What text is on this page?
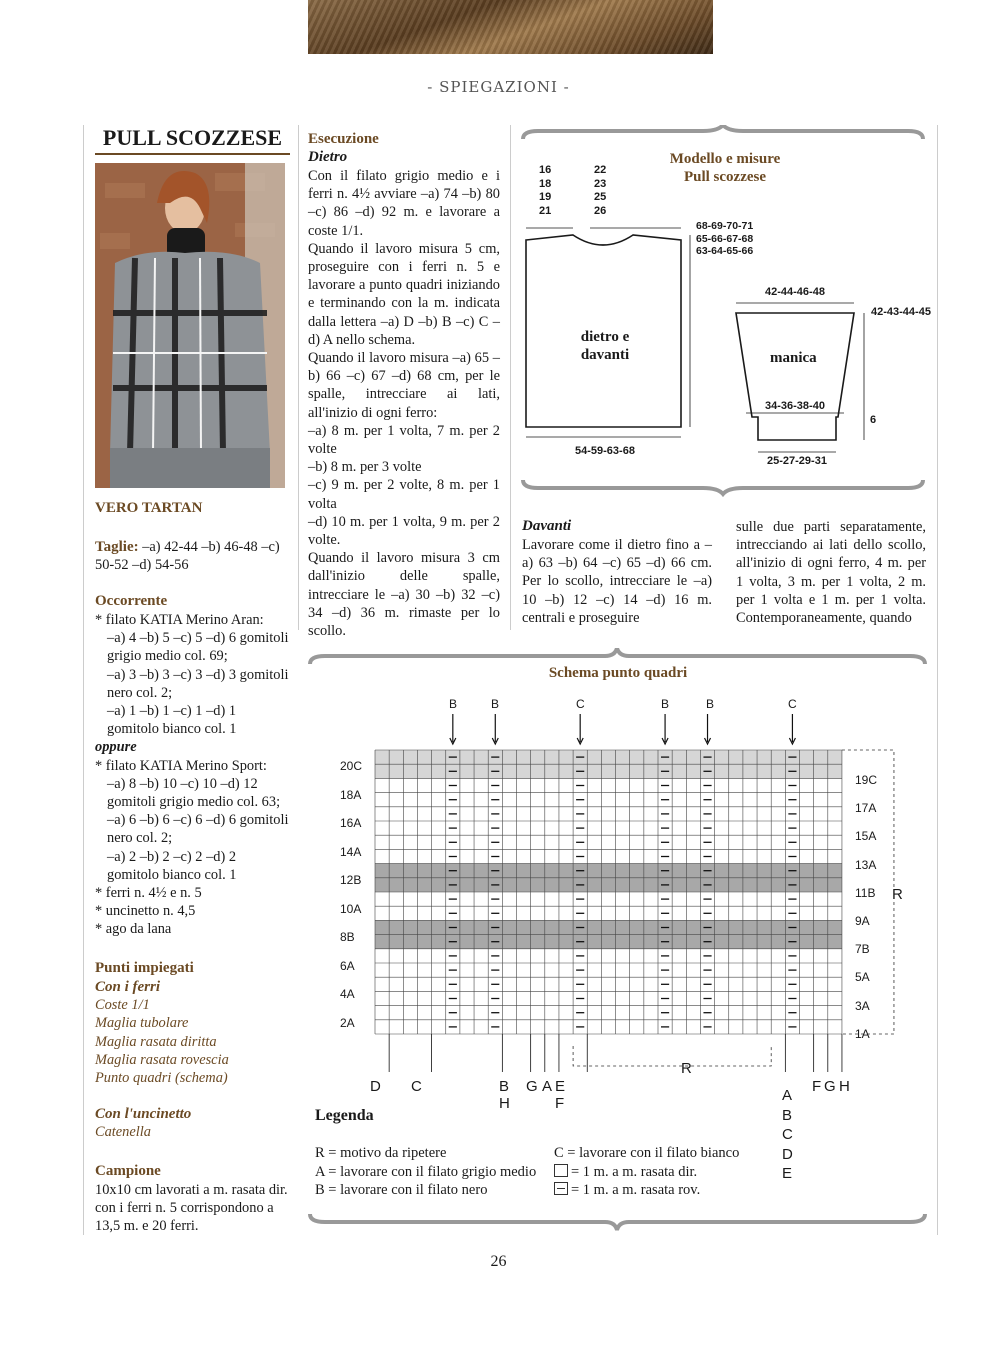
- SPIEGAZIONI -
PULL SCOZZESE
VERO TARTAN
Taglie: –a) 42-44 –b) 46-48 –c) 50-52 –d) 54-56
Occorrente

* filato KATIA Merino Aran:

–a) 4 –b) 5 –c) 5 –d) 6 gomitoli grigio medio col. 69;

–a) 3 –b) 3 –c) 3 –d) 3 gomitoli nero col. 2;

–a) 1 –b) 1 –c) 1 –d) 1 gomitolo bianco col. 1

oppure

* filato KATIA Merino Sport:

–a) 8 –b) 10 –c) 10 –d) 12 gomitoli grigio medio col. 63;

–a) 6 –b) 6 –c) 6 –d) 6 gomitoli nero col. 2;

–a) 2 –b) 2 –c) 2 –d) 2 gomitolo bianco col. 1

* ferri n. 4½ e n. 5

* uncinetto n. 4,5

* ago da lana

Punti impiegati

Con i ferri

Coste 1/1

Maglia tubolare

Maglia rasata diritta

Maglia rasata rovescia

Punto quadri (schema)

Con l'uncinetto

Catenella

Campione
10x10 cm lavorati a m. rasata dir. con i ferri n. 5 corrispondono a 13,5 m. e 20 ferri.
Esecuzione
Dietro

Con il filato grigio medio e i ferri n. 4½ avviare –a) 74 –b) 80 –c) 86 –d) 92 m. e lavorare a coste 1/1.

Quando il lavoro misura 5 cm, proseguire con i ferri n. 5 e lavorare a punto quadri iniziando e terminando con la m. indicata dalla lettera –a) D –b) B –c) C –d) A nello schema.

Quando il lavoro misura –a) 65 –b) 66 –c) 67 –d) 68 cm, per le spalle, intrecciare ai lati, all'inizio di ogni ferro:

–a) 8 m. per 1 volta, 7 m. per 2 volte

–b) 8 m. per 3 volte

–c) 9 m. per 2 volte, 8 m. per 1 volta

–d) 10 m. per 1 volta, 9 m. per 2 volte.

Quando il lavoro misura 3 cm dall'inizio delle spalle, intrecciare le –a) 30 –b) 32 –c) 34 –d) 36 m. rimaste per lo scollo.

Modello e misure

Pull scozzese

16

18

19

21

22

23

25

26

68-69-70-71

65-66-67-68

63-64-65-66

dietro e davanti
54-59-63-68
42-44-46-48
42-43-44-45
manica
34-36-38-40
6
25-27-29-31
Davanti
Lavorare come il dietro fino a –a) 63 –b) 64 –c) 65 –d) 66 cm. Per lo scollo, intrecciare le –a) 10 –b) 12 –c) 14 –d) 16 m. centrali e proseguire
sulle due parti separatamente, intrecciando ai lati dello scollo, all'inizio di ogni ferro, 4 m. per 1 volta, 3 m. per 1 volta, 2 m. per 1 volta e 1 m. per 1 volta. Contemporaneamente, quando
Schema punto quadri
B	B	C	B	B	C

20C

18A

16A

14A

12B

10A

8B

6A

4A

2A

19C

17A

15A

13A

11B

9A

7B

5A

3A

1A

R
D C	B

H

G A E

F

R
F G H

A

B

C

D

E

Legenda

R = motivo da ripetere

A = lavorare con il filato grigio medio

B = lavorare con il filato nero

C = lavorare con il filato bianco

= 1 m. a m. rasata dir.

= 1 m. a m. rasata rov.

26
